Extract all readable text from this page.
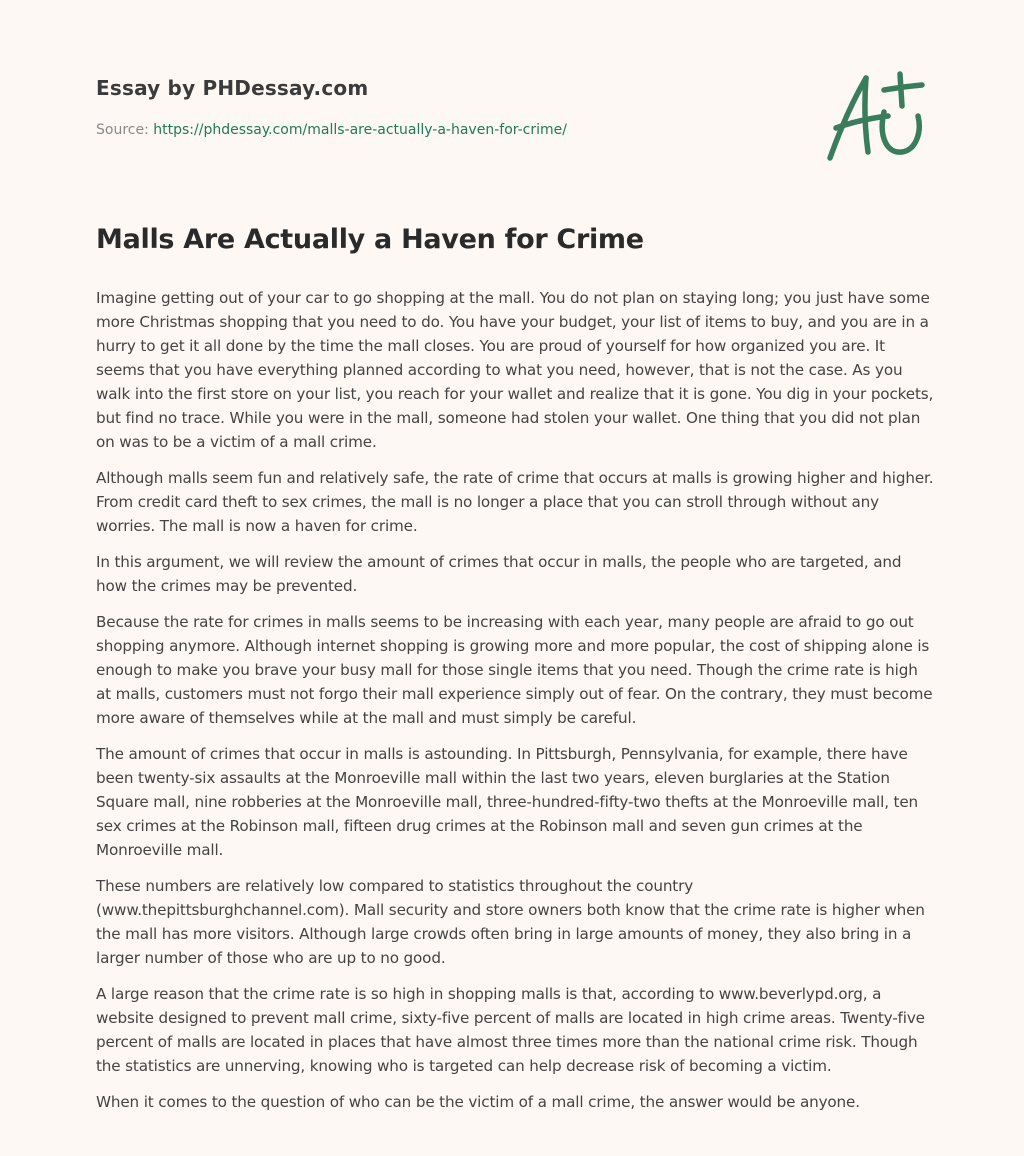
Essay by PHDessay.com
Source: https://phdessay.com/malls-are-actually-a-haven-for-crime/
Malls Are Actually a Haven for Crime

Imagine getting out of your car to go shopping at the mall. You do not plan on staying long; you just have some more Christmas shopping that you need to do. You have your budget, your list of items to buy, and you are in a hurry to get it all done by the time the mall closes. You are proud of yourself for how organized you are. It seems that you have everything planned according to what you need, however, that is not the case. As you walk into the first store on your list, you reach for your wallet and realize that it is gone. You dig in your pockets, but find no trace. While you were in the mall, someone had stolen your wallet. One thing that you did not plan on was to be a victim of a mall crime.

Although malls seem fun and relatively safe, the rate of crime that occurs at malls is growing higher and higher. From credit card theft to sex crimes, the mall is no longer a place that you can stroll through without any worries. The mall is now a haven for crime.

In this argument, we will review the amount of crimes that occur in malls, the people who are targeted, and how the crimes may be prevented.

Because the rate for crimes in malls seems to be increasing with each year, many people are afraid to go out shopping anymore. Although internet shopping is growing more and more popular, the cost of shipping alone is enough to make you brave your busy mall for those single items that you need. Though the crime rate is high at malls, customers must not forgo their mall experience simply out of fear. On the contrary, they must become more aware of themselves while at the mall and must simply be careful.

The amount of crimes that occur in malls is astounding. In Pittsburgh, Pennsylvania, for example, there have been twenty-six assaults at the Monroeville mall within the last two years, eleven burglaries at the Station Square mall, nine robberies at the Monroeville mall, three-hundred-fifty-two thefts at the Monroeville mall, ten sex crimes at the Robinson mall, fifteen drug crimes at the Robinson mall and seven gun crimes at the Monroeville mall.

These numbers are relatively low compared to statistics throughout the country (www.thepittsburghchannel.com). Mall security and store owners both know that the crime rate is higher when the mall has more visitors. Although large crowds often bring in large amounts of money, they also bring in a larger number of those who are up to no good.

A large reason that the crime rate is so high in shopping malls is that, according to www.beverlypd.org, a website designed to prevent mall crime, sixty-five percent of malls are located in high crime areas. Twenty-five percent of malls are located in places that have almost three times more than the national crime risk. Though the statistics are unnerving, knowing who is targeted can help decrease risk of becoming a victim.

When it comes to the question of who can be the victim of a mall crime, the answer would be anyone.
